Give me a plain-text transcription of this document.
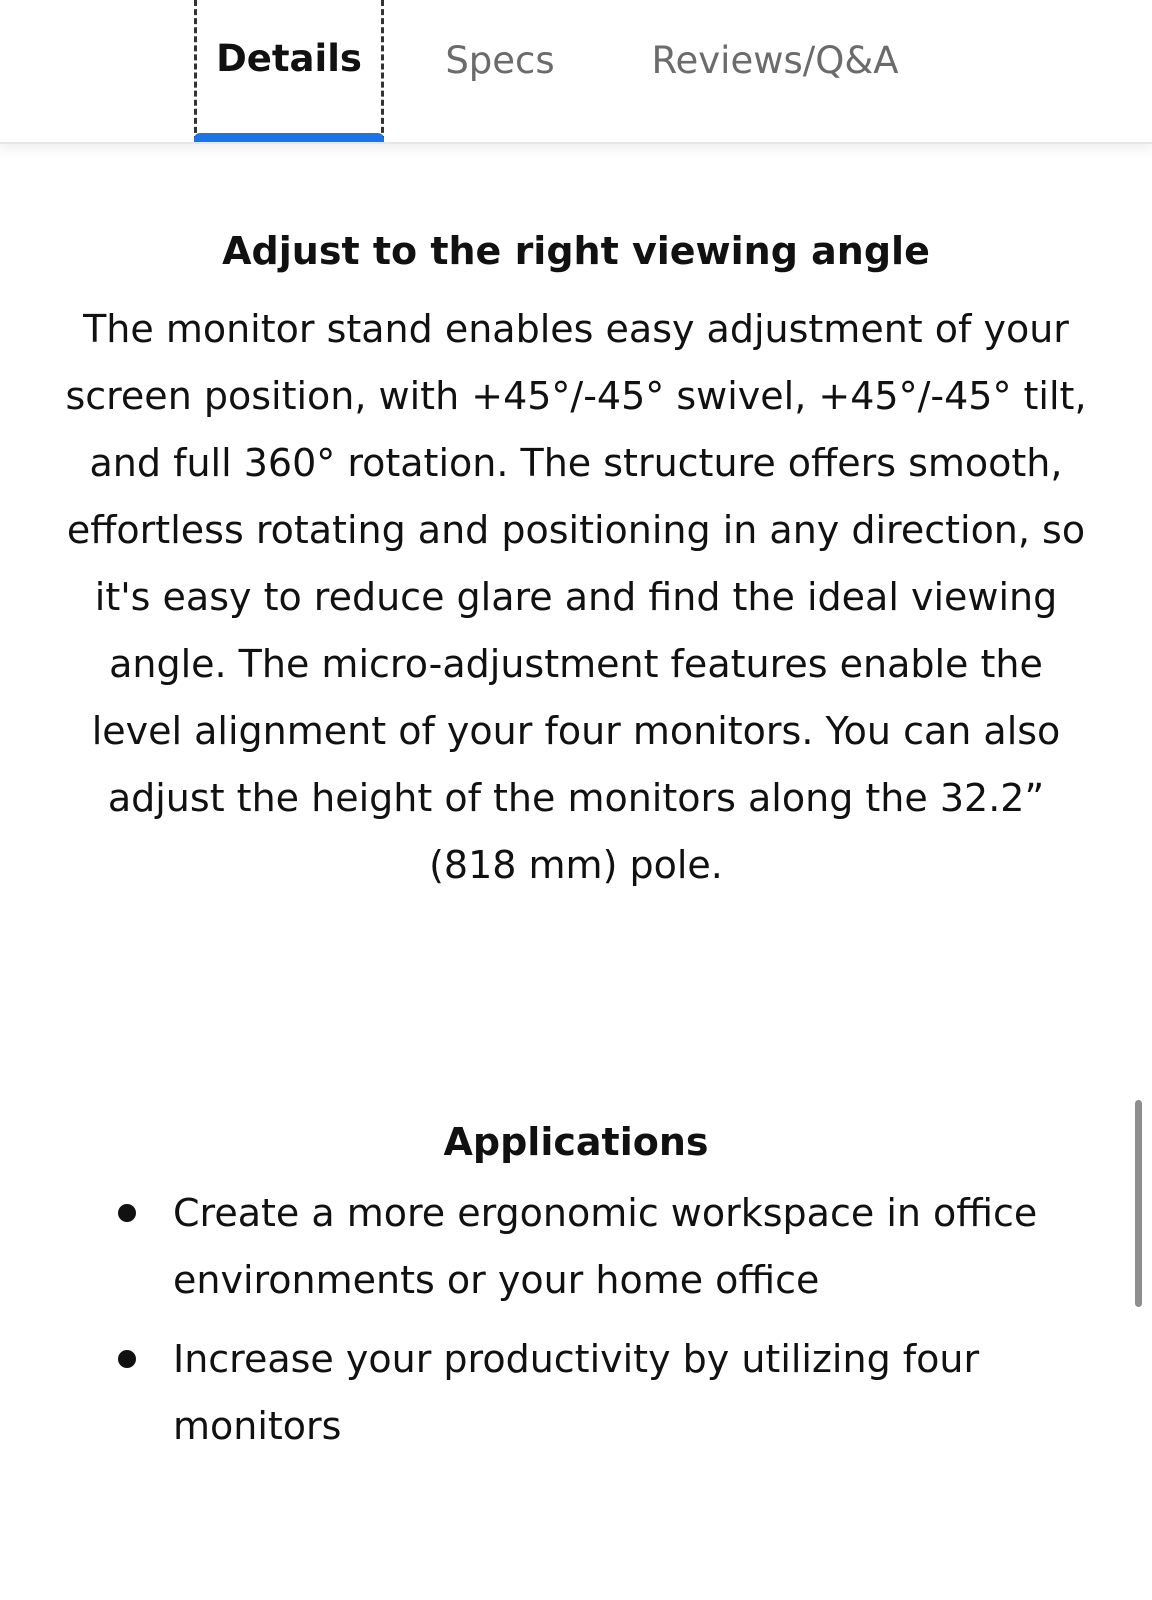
Details Specs	Reviews/Q&A
Adjust to the right viewing angle

The monitor stand enables easy adjustment of your screen position, with +45°/-45° swivel, +45°/-45° tilt, and full 360° rotation. The structure offers smooth, effortless rotating and positioning in any direction, so it's easy to reduce glare and find the ideal viewing angle. The micro-adjustment features enable the level alignment of your four monitors. You can also adjust the height of the monitors along the 32.2” (818 mm) pole.

Applications
Create a more ergonomic workspace in office environments or your home office
Increase your productivity by utilizing four monitors
